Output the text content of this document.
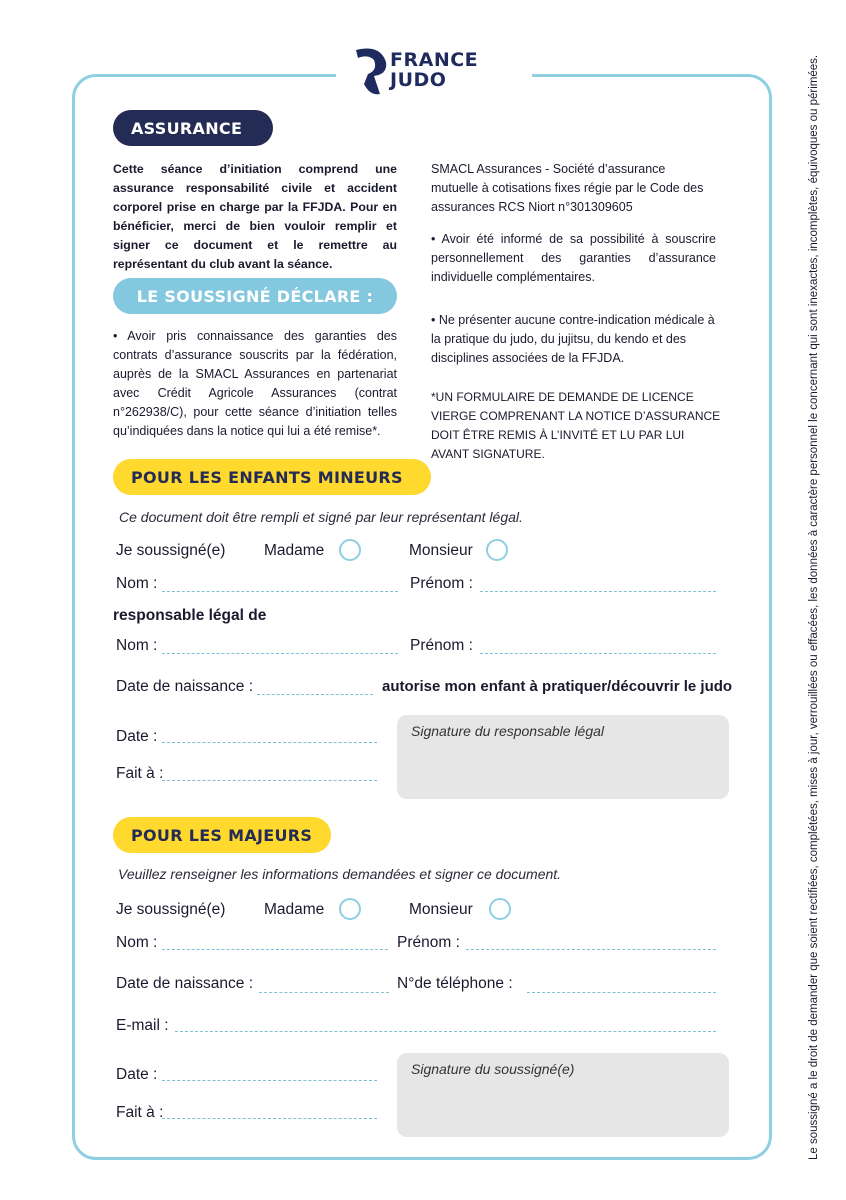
FRANCE
JUDO
ASSURANCE
Cette séance d’initiation comprend une assurance responsabilité civile et accident corporel prise en charge par la FFJDA. Pour en bénéficier, merci de bien vouloir remplir et signer ce document et le remettre au représentant du club avant la séance.
SMACL Assurances - Société d’assurance mutuelle à cotisations fixes régie par le Code des assurances RCS Niort n°301309605
LE SOUSSIGNÉ DÉCLARE :
• Avoir pris connaissance des garanties des contrats d’assurance souscrits par la fédération, auprès de la SMACL Assurances en partenariat avec Crédit Agricole Assurances (contrat n°262938/C), pour cette séance d’initiation telles qu’indiquées dans la notice qui lui a été remise*.
• Avoir été informé de sa possibilité à souscrire personnellement des garanties d’assurance individuelle complémentaires.
• Ne présenter aucune contre-indication médicale à la pratique du judo, du jujitsu, du kendo et des disciplines associées de la FFJDA.
*UN FORMULAIRE DE DEMANDE DE LICENCE VIERGE COMPRENANT LA NOTICE D’ASSURANCE DOIT ÊTRE REMIS À L’INVITÉ ET LU PAR LUI AVANT SIGNATURE.
POUR LES ENFANTS MINEURS
Ce document doit être rempli et signé par leur représentant légal.
Je soussigné(e) Madame	Monsieur
Nom :	Prénom :
responsable légal de
Nom :	Prénom :
Date de naissance :	autorise mon enfant à pratiquer/découvrir le judo
Date :
Fait à :
Signature du responsable légal
POUR LES MAJEURS
Veuillez renseigner les informations demandées et signer ce document.
Je soussigné(e) Madame	Monsieur
Nom :	Prénom :
Date de naissance :	N°de téléphone :
E-mail :
Date :
Fait à :
Signature du soussigné(e)	Le soussigné a le droit de demander que soient rectifiées, complétées, mises à jour, verrouillées ou effacées, les données à caractère personnel le concernant qui sont inexactes, incomplètes, équivoques ou périmées.
